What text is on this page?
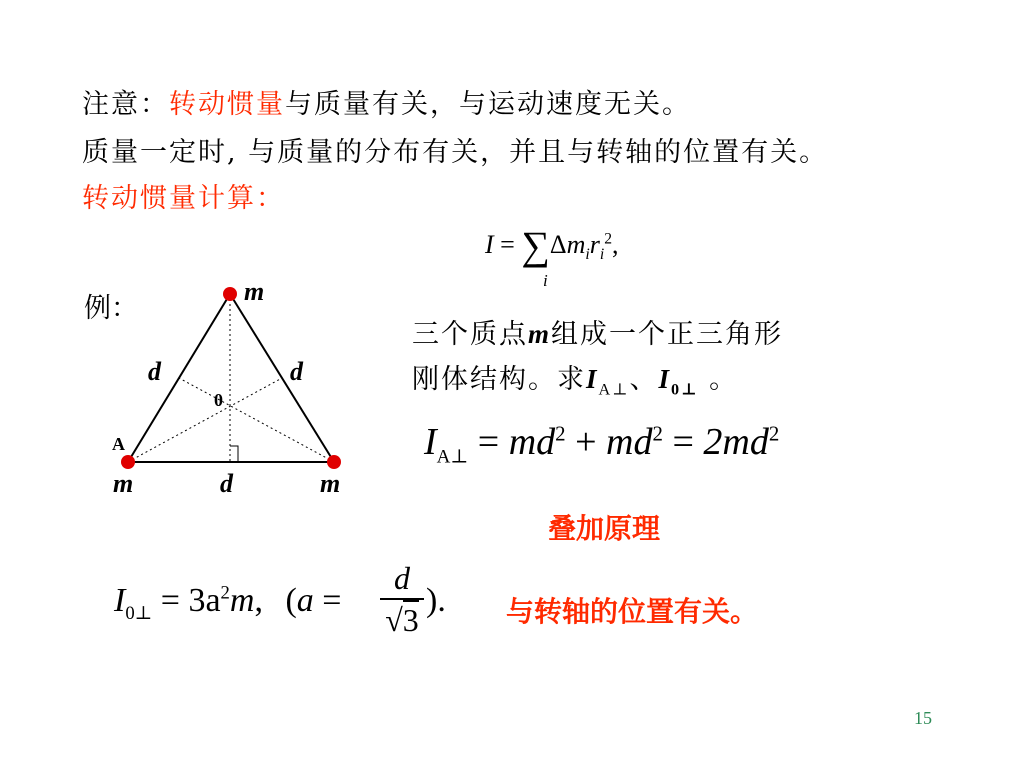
注意：转动惯量与质量有关，与运动速度无关。
质量一定时, 与质量的分布有关，并且与转轴的位置有关。
转动惯量计算：
$I = \sum\Delta m_ir_i^2$,
i
例：
m
m	m
d	d
d
0
A
三个质点m组成一个正三角形
刚体结构。求$I_{A\perp}$、$I_{0\perp}$ 。
$I_{A\perp} = md^2 + md^2 = 2md^2$
叠加原理
$I_{0\perp} = 3a^2m$, (a =
d
√3
). 与转轴的位置有关。
15
